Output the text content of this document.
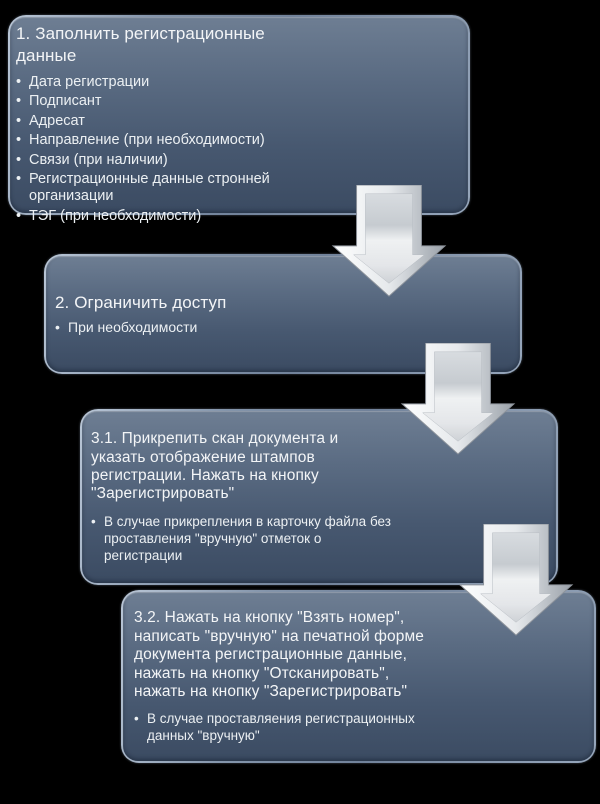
1. Заполнить регистрационные данные
• Дата регистрации
• Подписант
• Адресат
• Направление (при необходимости)
• Связи (при наличии)
• Регистрационные данные стронней организации
• ТЭГ (при необходимости)
2. Ограничить доступ
• При необходимости
3.1. Прикрепить скан документа и указать отображение штампов регистрации. Нажать на кнопку "Зарегистрировать"
• В случае прикрепления в карточку файла без проставления "вручную" отметок о регистрации
3.2. Нажать на кнопку "Взять номер", написать "вручную" на печатной форме документа регистрационные данные, нажать на кнопку "Отсканировать", нажать на кнопку "Зарегистрировать"
• В случае проставляения регистрационных данных "вручную"
